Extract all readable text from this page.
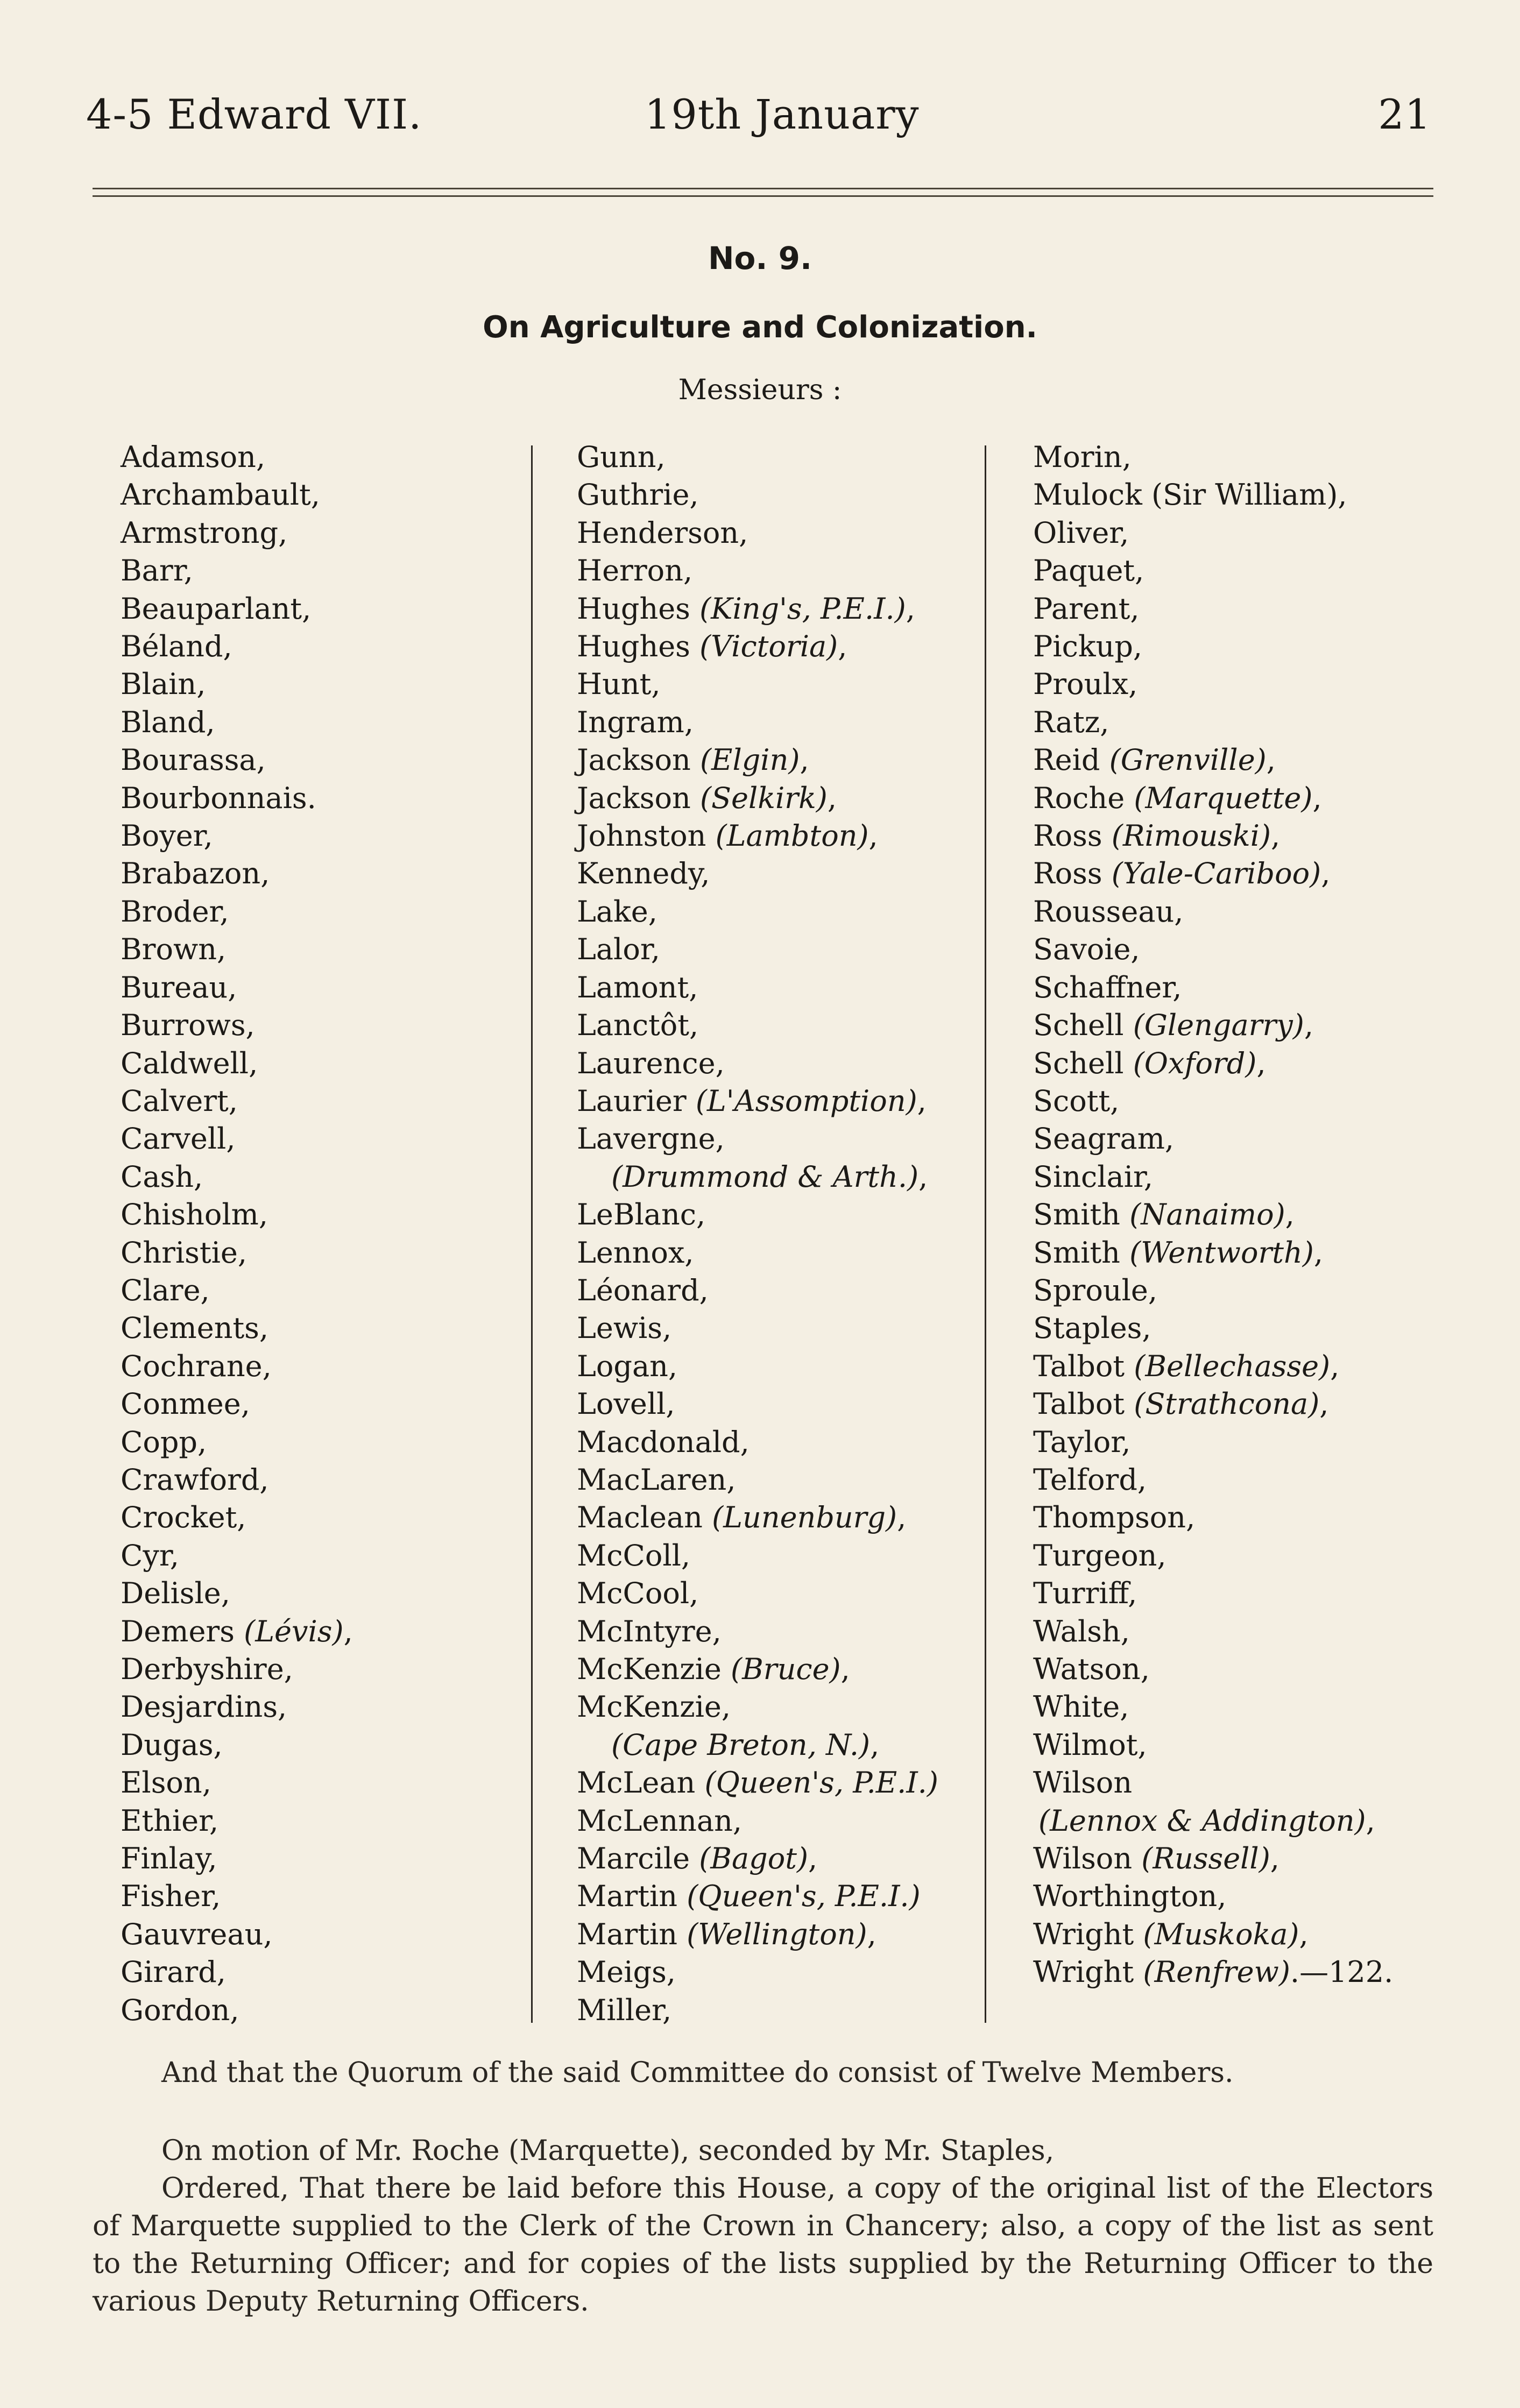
4-5 Edward VII.	19th January	21
No. 9.
On Agriculture and Colonization.
Messieurs :
Adamson,
Archambault,
Armstrong,
Barr,
Beauparlant,
Béland,
Blain,
Bland,
Bourassa,
Bourbonnais.
Boyer,
Brabazon,
Broder,
Brown,
Bureau,
Burrows,
Caldwell,
Calvert,
Carvell,
Cash,
Chisholm,
Christie,
Clare,
Clements,
Cochrane,
Conmee,
Copp,
Crawford,
Crocket,
Cyr,
Delisle,
Demers (Lévis),
Derbyshire,
Desjardins,
Dugas,
Elson,
Ethier,
Finlay,
Fisher,
Gauvreau,
Girard,
Gordon,
Gunn,
Guthrie,
Henderson,
Herron,
Hughes (King's, P.E.I.),
Hughes (Victoria),
Hunt,
Ingram,
Jackson (Elgin),
Jackson (Selkirk),
Johnston (Lambton),
Kennedy,
Lake,
Lalor,
Lamont,
Lanctôt,
Laurence,
Laurier (L'Assomption),
Lavergne,
(Drummond & Arth.),
LeBlanc,
Lennox,
Léonard,
Lewis,
Logan,
Lovell,
Macdonald,
MacLaren,
Maclean (Lunenburg),
McColl,
McCool,
McIntyre,
McKenzie (Bruce),
McKenzie,
(Cape Breton, N.),
McLean (Queen's, P.E.I.)
McLennan,
Marcile (Bagot),
Martin (Queen's, P.E.I.)
Martin (Wellington),
Meigs,
Miller,
Morin,
Mulock (Sir William),
Oliver,
Paquet,
Parent,
Pickup,
Proulx,
Ratz,
Reid (Grenville),
Roche (Marquette),
Ross (Rimouski),
Ross (Yale-Cariboo),
Rousseau,
Savoie,
Schaffner,
Schell (Glengarry),
Schell (Oxford),
Scott,
Seagram,
Sinclair,
Smith (Nanaimo),
Smith (Wentworth),
Sproule,
Staples,
Talbot (Bellechasse),
Talbot (Strathcona),
Taylor,
Telford,
Thompson,
Turgeon,
Turriff,
Walsh,
Watson,
White,
Wilmot,
Wilson
(Lennox & Addington),
Wilson (Russell),
Worthington,
Wright (Muskoka),
Wright (Renfrew).—122.
And that the Quorum of the said Committee do consist of Twelve Members.
On motion of Mr. Roche (Marquette), seconded by Mr. Staples,
Ordered, That there be laid before this House, a copy of the original list of the Electors of Marquette supplied to the Clerk of the Crown in Chancery; also, a copy of the list as sent to the Returning Officer; and for copies of the lists supplied by the Returning Officer to the various Deputy Returning Officers.
